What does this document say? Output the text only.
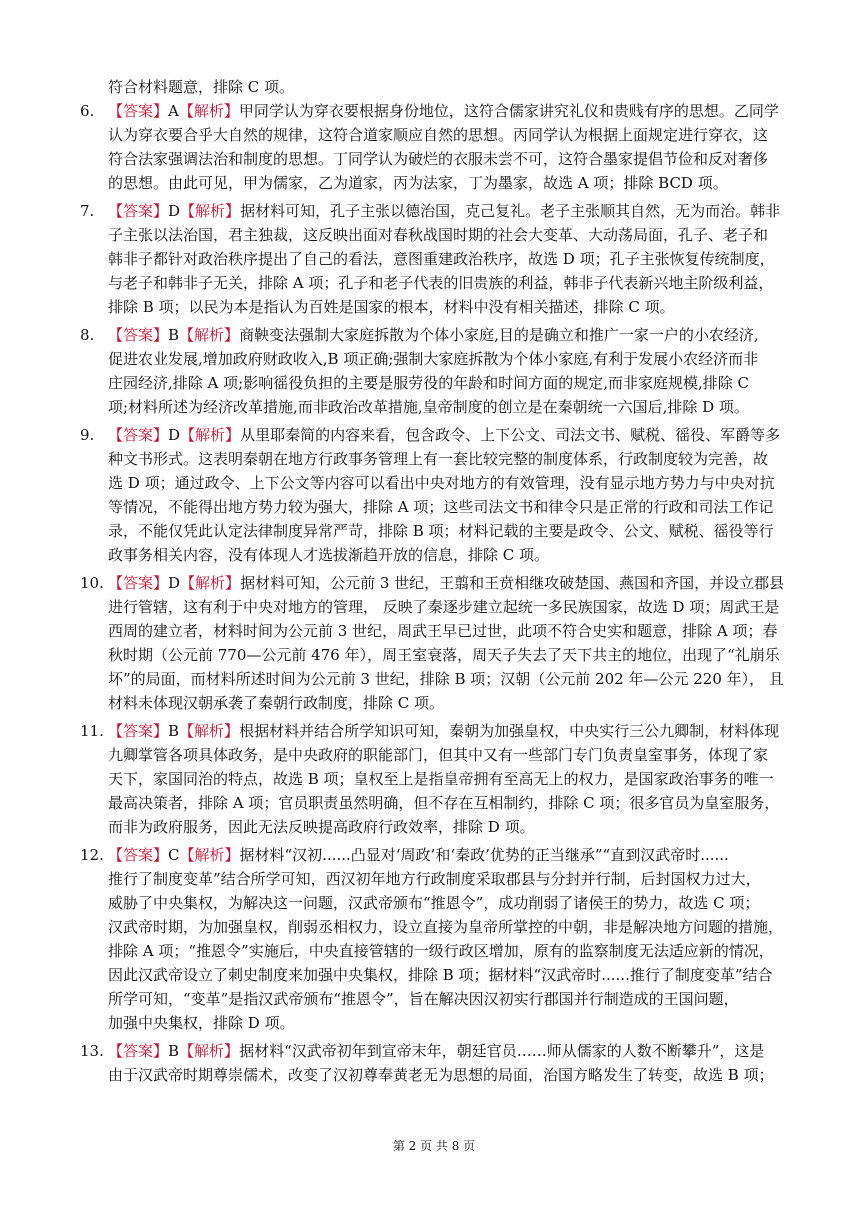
符合材料题意，排除 C 项。
6. 【答案】A【解析】甲同学认为穿衣要根据身份地位，这符合儒家讲究礼仪和贵贱有序的思想。乙同学
认为穿衣要合乎大自然的规律，这符合道家顺应自然的思想。丙同学认为根据上面规定进行穿衣，这
符合法家强调法治和制度的思想。丁同学认为破烂的衣服未尝不可，这符合墨家提倡节俭和反对奢侈
的思想。由此可见，甲为儒家，乙为道家，丙为法家，丁为墨家，故选 A 项；排除 BCD 项。
7. 【答案】D【解析】据材料可知，孔子主张以德治国，克己复礼。老子主张顺其自然，无为而治。韩非
子主张以法治国，君主独裁，这反映出面对春秋战国时期的社会大变革、大动荡局面，孔子、老子和
韩非子都针对政治秩序提出了自己的看法，意图重建政治秩序，故选 D 项；孔子主张恢复传统制度，
与老子和韩非子无关，排除 A 项；孔子和老子代表的旧贵族的利益，韩非子代表新兴地主阶级利益，
排除 B 项；以民为本是指认为百姓是国家的根本，材料中没有相关描述，排除 C 项。
8. 【答案】B【解析】商鞅变法强制大家庭拆散为个体小家庭,目的是确立和推广一家一户的小农经济,
促进农业发展,增加政府财政收入,B 项正确;强制大家庭拆散为个体小家庭,有利于发展小农经济而非
庄园经济,排除 A 项;影响徭役负担的主要是服劳役的年龄和时间方面的规定,而非家庭规模,排除 C
项;材料所述为经济改革措施,而非政治改革措施,皇帝制度的创立是在秦朝统一六国后,排除 D 项。
9. 【答案】D【解析】从里耶秦简的内容来看，包含政令、上下公文、司法文书、赋税、徭役、军爵等多
种文书形式。这表明秦朝在地方行政事务管理上有一套比较完整的制度体系，行政制度较为完善，故
选 D 项；通过政令、上下公文等内容可以看出中央对地方的有效管理，没有显示地方势力与中央对抗
等情况，不能得出地方势力较为强大，排除 A 项；这些司法文书和律令只是正常的行政和司法工作记
录，不能仅凭此认定法律制度异常严苛，排除 B 项；材料记载的主要是政令、公文、赋税、徭役等行
政事务相关内容，没有体现人才选拔渐趋开放的信息，排除 C 项。
10. 【答案】D【解析】据材料可知，公元前 3 世纪，王翦和王贲相继攻破楚国、燕国和齐国，并设立郡县
进行管辖，这有利于中央对地方的管理， 反映了秦逐步建立起统一多民族国家，故选 D 项；周武王是
西周的建立者，材料时间为公元前 3 世纪，周武王早已过世，此项不符合史实和题意，排除 A 项；春
秋时期（公元前 770—公元前 476 年），周王室衰落，周天子失去了天下共主的地位，出现了“礼崩乐
坏”的局面，而材料所述时间为公元前 3 世纪，排除 B 项；汉朝（公元前 202 年—公元 220 年）， 且
材料未体现汉朝承袭了秦朝行政制度，排除 C 项。
11. 【答案】B【解析】根据材料并结合所学知识可知，秦朝为加强皇权，中央实行三公九卿制，材料体现
九卿掌管各项具体政务，是中央政府的职能部门，但其中又有一些部门专门负责皇室事务，体现了家
天下，家国同治的特点，故选 B 项；皇权至上是指皇帝拥有至高无上的权力，是国家政治事务的唯一
最高决策者，排除 A 项；官员职责虽然明确，但不存在互相制约，排除 C 项；很多官员为皇室服务，
而非为政府服务，因此无法反映提高政府行政效率，排除 D 项。
12. 【答案】C【解析】据材料“汉初......凸显对‘周政’和‘秦政’优势的正当继承”“直到汉武帝时......
推行了制度变革”结合所学可知，西汉初年地方行政制度采取郡县与分封并行制，后封国权力过大，
威胁了中央集权，为解决这一问题，汉武帝颁布“推恩令”，成功削弱了诸侯王的势力，故选 C 项；
汉武帝时期，为加强皇权，削弱丞相权力，设立直接为皇帝所掌控的中朝，非是解决地方问题的措施，
排除 A 项；“推恩令”实施后，中央直接管辖的一级行政区增加，原有的监察制度无法适应新的情况，
因此汉武帝设立了刺史制度来加强中央集权，排除 B 项；据材料“汉武帝时......推行了制度变革”结合
所学可知，“变革”是指汉武帝颁布“推恩令”，旨在解决因汉初实行郡国并行制造成的王国问题，
加强中央集权，排除 D 项。
13. 【答案】B【解析】据材料“汉武帝初年到宣帝末年，朝廷官员……师从儒家的人数不断攀升”，这是
由于汉武帝时期尊崇儒术，改变了汉初尊奉黄老无为思想的局面，治国方略发生了转变，故选 B 项；
第 2 页 共 8 页
